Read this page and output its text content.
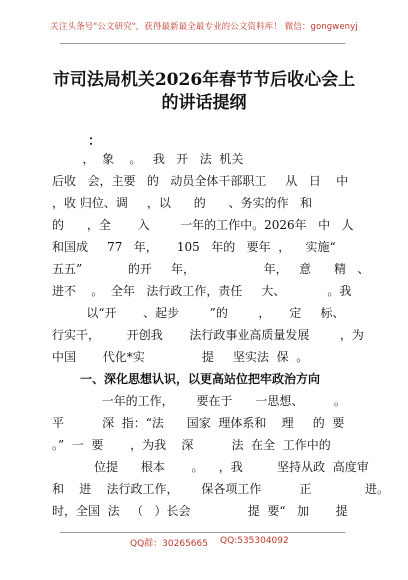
关注头条号"公文研究"，获得最新最全最专业的公文资料库！ 微信：gongwenyj
市司法局机关2026年春节节后收心会上
的讲话提纲
：
，  象    。   我   开   法  机关
后收   会，主要   的   动员全体干部职工     从   日    中
，收 归位、调     ，以      的      、务实的作   和
的      ，全       入        一年的工作中。2026年   中   人
和国成     77   年，     105   年的   要年  ，    实施“
五五”            的开     年，                  年，   意      精   、
进不    。  全年   法行政工作，责任     大、           。我
以“开       、起步        ”的        ，     定     标、
行实干，       开创我       法行政事业高质量发展        ，为
中国       代化*实               提     坚实法  保  。
一、深化思想认识，以更高站位把牢政治方向
一年的工作，      要在于      一思想、        。
平          深  指：“法      国家  理体系和    理     的  要
。”  一  要       ，为我    深          法  在全  工作中的
位提      根本       。    ，我         坚持从政  高度审
和    进    法行政工作，      保各项工作          正              进。
时，全国  法   （   ）长会               提  要“   加       提
QQ群：30265665 QQ:535304092
